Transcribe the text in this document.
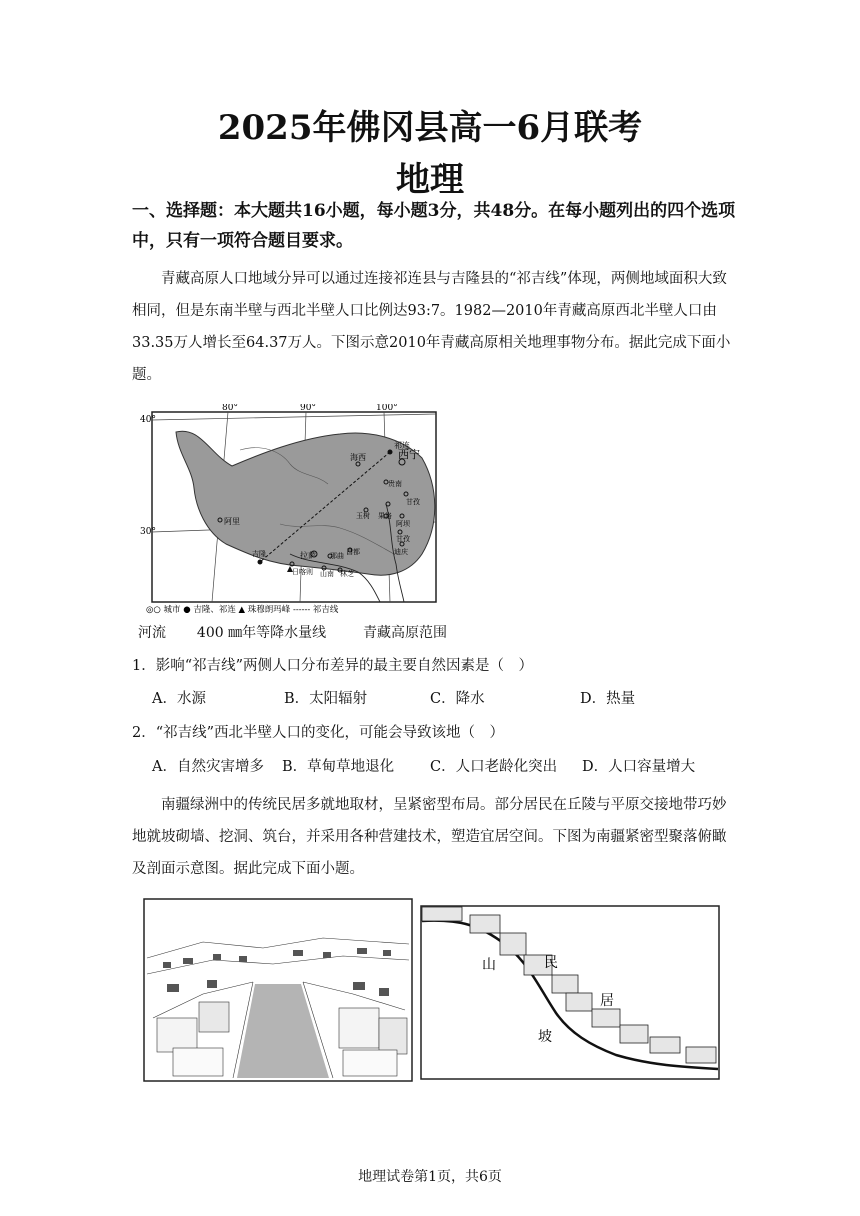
2025年佛冈县高一6月联考
地理
一、选择题：本大题共16小题，每小题3分，共48分。在每小题列出的四个选项中，只有一项符合题目要求。
青藏高原人口地域分异可以通过连接祁连县与吉隆县的“祁吉线”体现，两侧地域面积大致相同，但是东南半壁与西北半壁人口比例达93:7。1982—2010年青藏高原西北半壁人口由33.35万人增长至64.37万人。下图示意2010年青藏高原相关地理事物分布。据此完成下面小题。
40°
30°
80°	90°	100°
祁连
西宁
海西
贵南
甘孜
玉树 果洛
阿坝
甘孜
阿里
那曲
拉萨	昌都
林芝
山南
日喀则
吉隆	迪庆
◎○ 城市 ● 吉隆、祁连 ▲ 珠穆朗玛峰 ------ 祁吉线
河流 400 ㎜年等降水量线	青藏高原范围
1．影响“祁吉线”两侧人口分布差异的最主要自然因素是（　）
A．水源	B．太阳辐射	C．降水	D．热量
2．“祁吉线”西北半壁人口的变化，可能会导致该地（　）
A．自然灾害增多 B．草甸草地退化 C．人口老龄化突出 D．人口容量增大
南疆绿洲中的传统民居多就地取材，呈紧密型布局。部分居民在丘陵与平原交接地带巧妙地就坡砌墙、挖洞、筑台，并采用各种营建技术，塑造宜居空间。下图为南疆紧密型聚落俯瞰及剖面示意图。据此完成下面小题。
山
坡
民
居
地理试卷第1页，共6页
